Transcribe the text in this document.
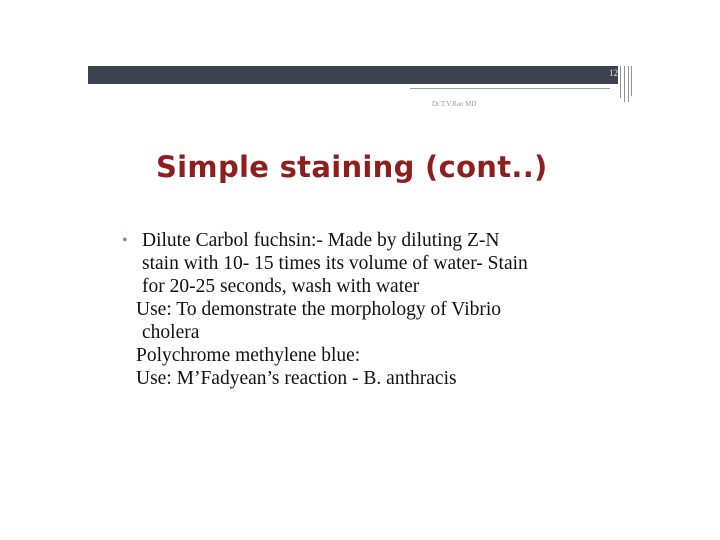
12
Dr.T.V.Rao MD
Simple staining (cont..)
• Dilute Carbol fuchsin:- Made by diluting Z-N
stain with 10- 15 times its volume of water- Stain
for 20-25 seconds, wash with water
Use: To demonstrate the morphology of Vibrio
cholera
Polychrome methylene blue:
Use: M’Fadyean’s reaction - B. anthracis
